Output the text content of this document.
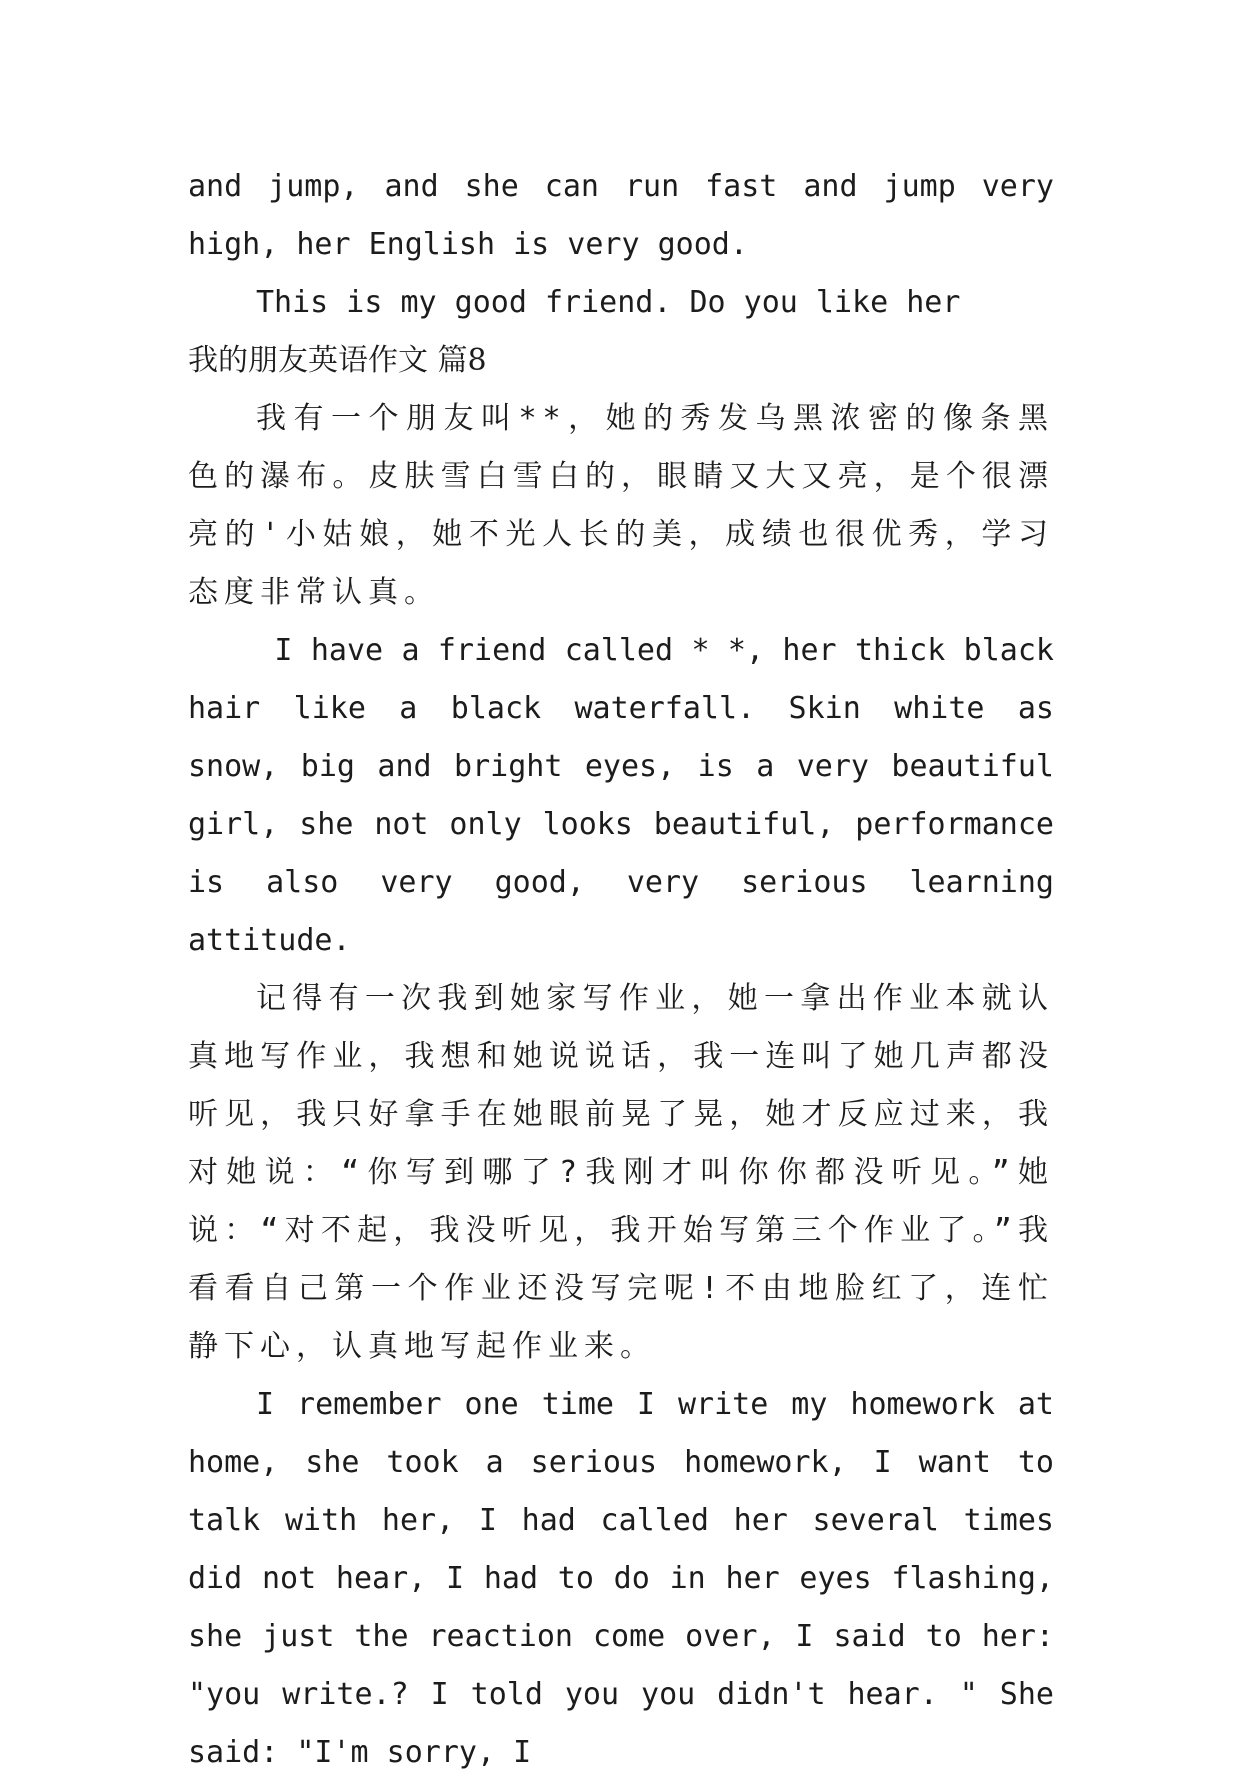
and jump, and she can run fast and jump very high, her English is very good.

This is my good friend. Do you like her

我的朋友英语作文 篇8

我有一个朋友叫**，她的秀发乌黑浓密的像条黑色的瀑布。皮肤雪白雪白的，眼睛又大又亮，是个很漂亮的'小姑娘，她不光人长的美，成绩也很优秀，学习态度非常认真。

I have a friend called * *, her thick black hair like a black waterfall. Skin white as snow, big and bright eyes, is a very beautiful girl, she not only looks beautiful, performance is also very good, very serious learning attitude.

记得有一次我到她家写作业，她一拿出作业本就认真地写作业，我想和她说说话，我一连叫了她几声都没听见，我只好拿手在她眼前晃了晃，她才反应过来，我对她说：“你写到哪了?我刚才叫你你都没听见。”她说：“对不起，我没听见，我开始写第三个作业了。”我看看自己第一个作业还没写完呢!不由地脸红了，连忙静下心，认真地写起作业来。

I remember one time I write my homework at home, she took a serious homework, I want to talk with her, I had called her several times did not hear, I had to do in her eyes flashing, she just the reaction come over, I said to her: "you write.? I told you you didn't hear. " She said: "I'm sorry, I
